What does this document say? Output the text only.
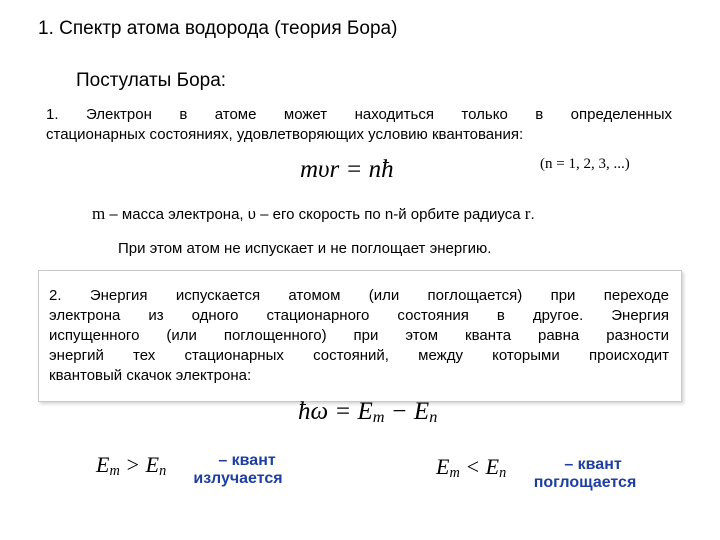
1. Спектр атома водорода (теория Бора)
Постулаты Бора:
1. Электрон в атоме может находиться только в определенных
стационарных состояниях, удовлетворяющих условию квантования:
mυr = nħ	(n = 1, 2, 3, ...)
m – масса электрона, υ – его скорость по n-й орбите радиуса r.
При этом атом не испускает и не поглощает энергию.
2. Энергия испускается атомом (или поглощается) при переходе
электрона из одного стационарного состояния в другое. Энергия
испущенного (или поглощенного) при этом кванта равна разности
энергий тех стационарных состояний, между которыми происходит
квантовый скачок электрона:
ħω = $E_m - E_n$
$E_m > E_n$
– квант
излучается	$E_m < E_n$	– квант
поглощается
